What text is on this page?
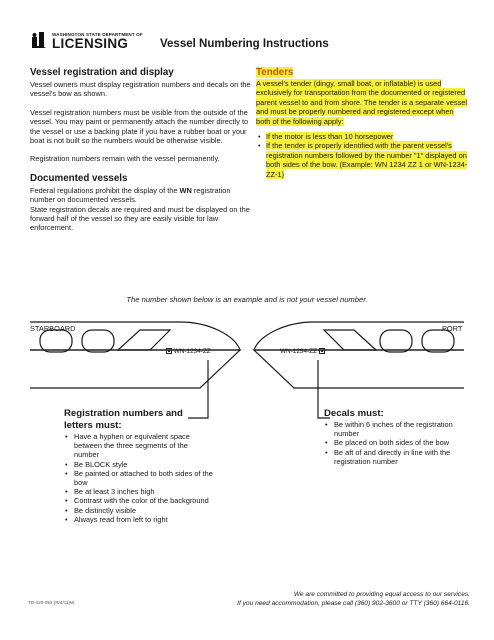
WASHINGTON STATE DEPARTMENT OF
LICENSING	Vessel Numbering Instructions
Vessel registration and display

Vessel owners must display registration numbers and decals on the vessel's bow as shown.

Vessel registration numbers must be visible from the outside of the vessel. You may paint or permanently attach the number directly to the vessel or use a backing plate if you have a rubber boat or your boat is not built so the numbers would be otherwise visible.

Registration numbers remain with the vessel permanently.

Documented vessels
Federal regulations prohibit the display of the WN registration number on documented vessels.
State registration decals are required and must be displayed on the forward half of the vessel so they are easily visible for law enforcement.
Tenders

A vessel's tender (dingy, small boat, or inflatable) is used exclusively for transportation from the documented or registered parent vessel to and from shore. The tender is a separate vessel and must be properly numbered and registered except when both of the following apply:

• If the motor is less than 10 horsepower
• If the tender is properly identified with the parent vessel's registration numbers followed by the number "1" displayed on both sides of the bow. (Example: WN 1234 ZZ 1 or WN-1234-ZZ-1)
The number shown below is an example and is not your vessel number.
WN-1234-ZZ	WN-1234-ZZ
STARBOARD	PORT
Registration numbers and
letters must:
• Have a hyphen or equivalent space between the three segments of the number
• Be BLOCK style
• Be painted or attached to both sides of the bow
• Be at least 3 inches high
• Contrast with the color of the background
• Be distinctly visible
• Always read from left to right
Decals must:
• Be within 6 inches of the registration number
• Be placed on both sides of the bow
• Be aft of and directly in line with the registration number
We are committed to providing equal access to our services.
If you need accommodation, please call (360) 902-3600 or TTY (360) 664-0116.
TD-420-092 (R/4/11)W
